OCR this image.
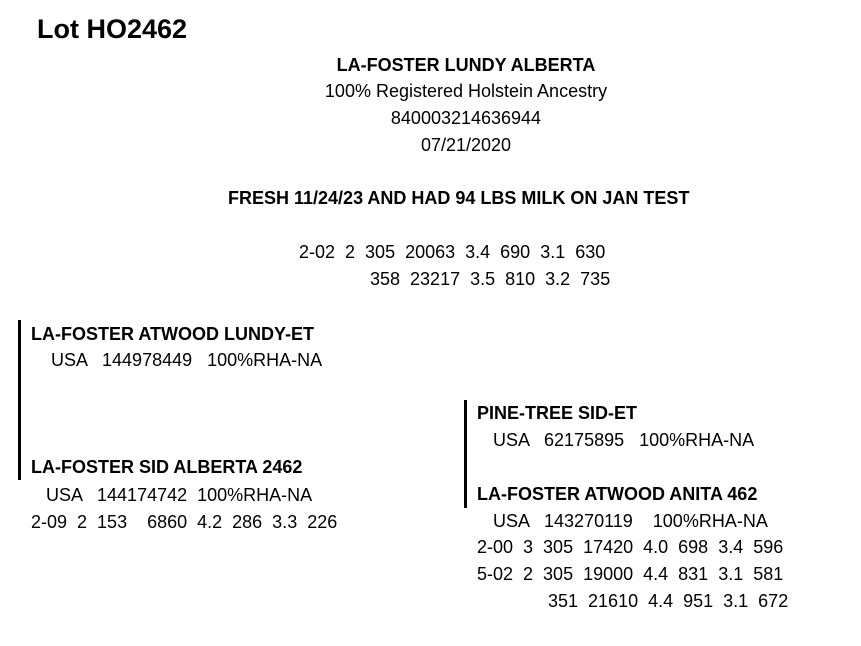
Lot HO2462
LA-FOSTER LUNDY ALBERTA
100% Registered Holstein Ancestry
840003214636944
07/21/2020
FRESH 11/24/23 AND HAD 94 LBS MILK ON JAN TEST
2-02  2  305  20063  3.4  690  3.1  630
358  23217  3.5  810  3.2  735
LA-FOSTER ATWOOD LUNDY-ET
USA   144978449   100%RHA-NA
LA-FOSTER SID ALBERTA 2462
USA   144174742  100%RHA-NA
2-09  2  153    6860  4.2  286  3.3  226
PINE-TREE SID-ET
USA   62175895   100%RHA-NA
LA-FOSTER ATWOOD ANITA 462
USA   143270119    100%RHA-NA
2-00  3  305  17420  4.0  698  3.4  596
5-02  2  305  19000  4.4  831  3.1  581
351  21610  4.4  951  3.1  672
